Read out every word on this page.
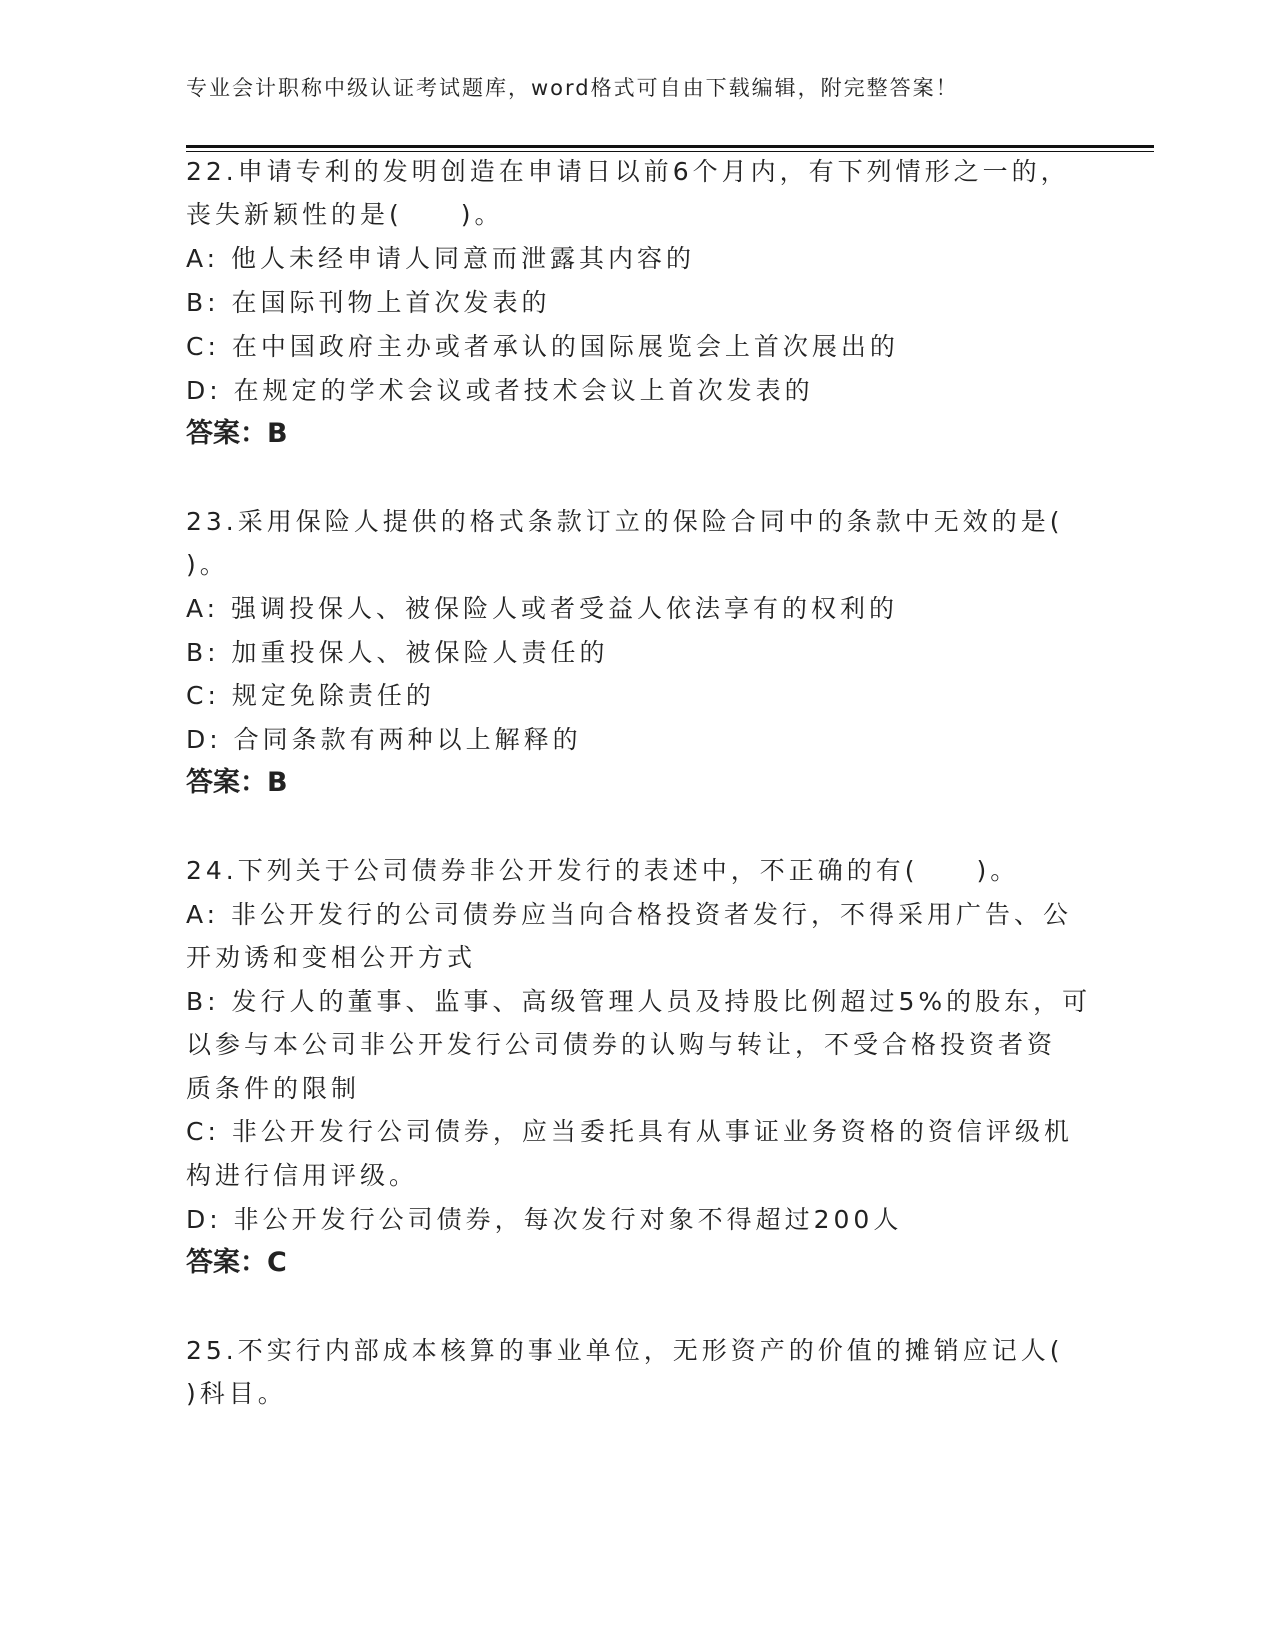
专业会计职称中级认证考试题库，word格式可自由下载编辑，附完整答案！
22.申请专利的发明创造在申请日以前6个月内，有下列情形之一的，
丧失新颖性的是(　　)。
A: 他人未经申请人同意而泄露其内容的
B: 在国际刊物上首次发表的
C: 在中国政府主办或者承认的国际展览会上首次展出的
D: 在规定的学术会议或者技术会议上首次发表的
答案：B
23.采用保险人提供的格式条款订立的保险合同中的条款中无效的是(
)。
A: 强调投保人、被保险人或者受益人依法享有的权利的
B: 加重投保人、被保险人责任的
C: 规定免除责任的
D: 合同条款有两种以上解释的
答案：B
24.下列关于公司债券非公开发行的表述中，不正确的有(　　)。
A: 非公开发行的公司债券应当向合格投资者发行，不得采用广告、公
开劝诱和变相公开方式
B: 发行人的董事、监事、高级管理人员及持股比例超过5%的股东，可
以参与本公司非公开发行公司债券的认购与转让，不受合格投资者资
质条件的限制
C: 非公开发行公司债券，应当委托具有从事证业务资格的资信评级机
构进行信用评级。
D: 非公开发行公司债券，每次发行对象不得超过200人
答案：C
25.不实行内部成本核算的事业单位，无形资产的价值的摊销应记人(
)科目。
